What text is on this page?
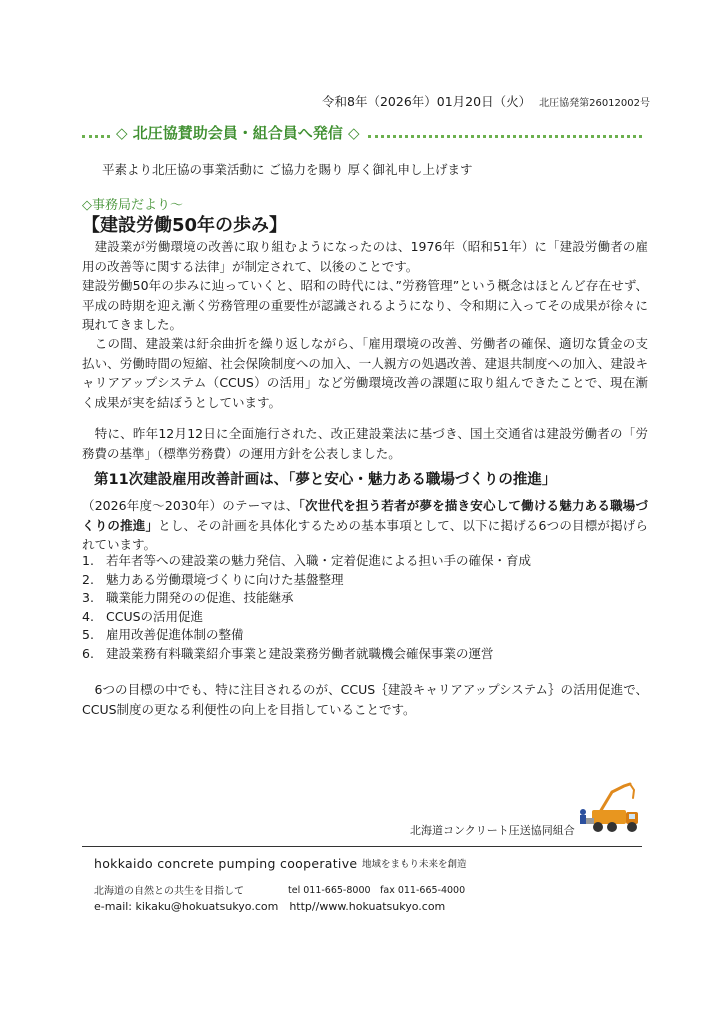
令和8年（2026年）01月20日（火） 北圧協発第26012002号
◇ 北圧協賛助会員・組合員へ発信 ◇
平素より北圧協の事業活動に ご協力を賜り 厚く御礼申し上げます
◇事務局だより～
【建設労働50年の歩み】
　建設業が労働環境の改善に取り組むようになったのは、1976年（昭和51年）に「建設労働者の雇用の改善等に関する法律」が制定されて、以後のことです。
建設労働50年の歩みに辿っていくと、昭和の時代には、”労務管理”という概念はほとんど存在せず、平成の時期を迎え漸く労務管理の重要性が認識されるようになり、令和期に入ってその成果が徐々に現れてきました。
　この間、建設業は紆余曲折を繰り返しながら、「雇用環境の改善、労働者の確保、適切な賃金の支払い、労働時間の短縮、社会保険制度への加入、一人親方の処遇改善、建退共制度への加入、建設キャリアアップシステム（CCUS）の活用」など労働環境改善の課題に取り組んできたことで、現在漸く成果が実を結ぼうとしています。
　特に、昨年12月12日に全面施行された、改正建設業法に基づき、国土交通省は建設労働者の「労務費の基準」（標準労務費）の運用方針を公表しました。
第11次建設雇用改善計画は、「夢と安心・魅力ある職場づくりの推進」
（2026年度～2030年）のテーマは、「次世代を担う若者が夢を描き安心して働ける魅力ある職場づくりの推進」とし、その計画を具体化するための基本事項として、以下に掲げる6つの目標が掲げられています。
1. 若年者等への建設業の魅力発信、入職・定着促進による担い手の確保・育成
2. 魅力ある労働環境づくりに向けた基盤整理
3. 職業能力開発のの促進、技能継承
4. CCUSの活用促進
5. 雇用改善促進体制の整備
6. 建設業務有料職業紹介事業と建設業務労働者就職機会確保事業の運営
　6つの目標の中でも、特に注目されるのが、CCUS｛建設キャリアアップシステム｝の活用促進で、CCUS制度の更なる利便性の向上を目指していることです。
北海道コンクリート圧送協同組合
hokkaido concrete pumping cooperative 地域をまもり未来を創造
北海道の自然との共生を目指して	tel 011-665-8000　fax 011-665-4000
e-mail: kikaku@hokuatsukyo.com　http//www.hokuatsukyo.com
